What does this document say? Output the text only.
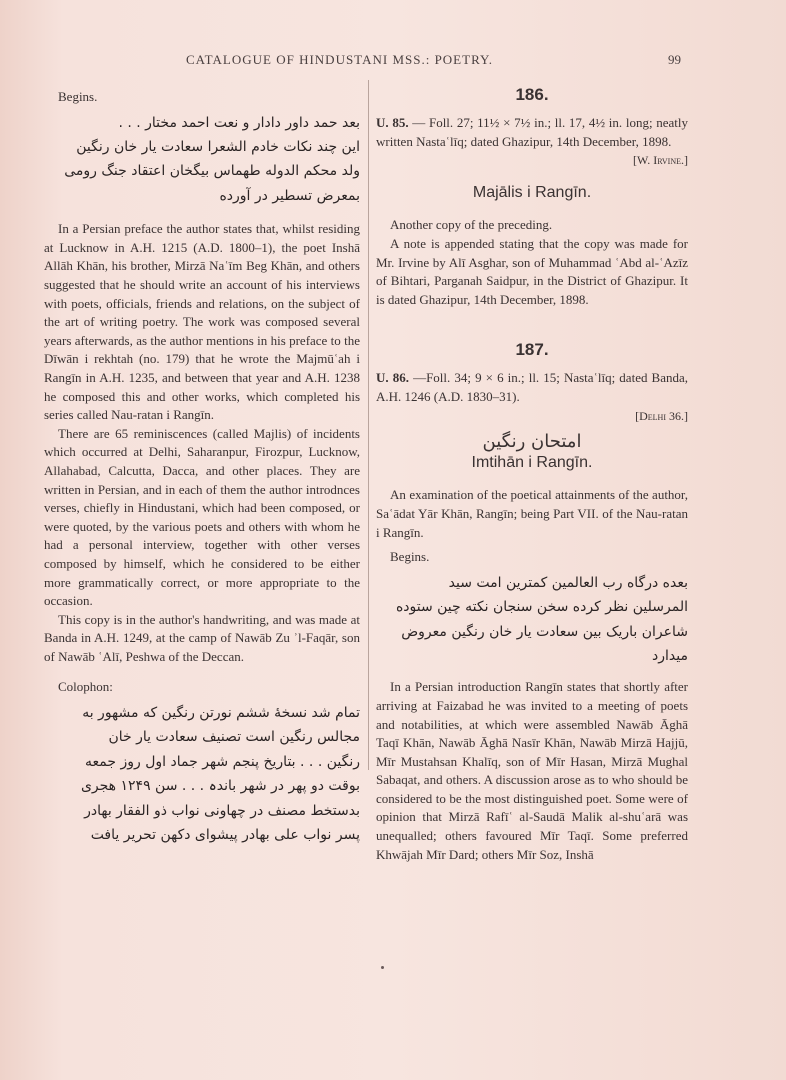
CATALOGUE OF HINDUSTANI MSS.: POETRY.	99

Begins.

بعد حمد داور دادار و نعت احمد مختار . . .

این چند نکات خادم الشعرا سعادت یار خان رنگین

ولد محکم الدوله طهماس بیگخان اعتقاد جنگ رومی

بمعرض تسطیر در آورده

In a Persian preface the author states that, whilst residing at Lucknow in A.H. 1215 (A.D. 1800–1), the poet Inshā Allāh Khān, his brother, Mirzā Naʿīm Beg Khān, and others suggested that he should write an account of his interviews with poets, officials, friends and relations, on the subject of the art of writing poetry. The work was composed several years afterwards, as the author mentions in his preface to the Dīwān i rekhtah (no. 179) that he wrote the Majmūʿah i Rangīn in A.H. 1235, and between that year and A.H. 1238 he composed this and other works, which completed his series called Nau-ratan i Rangīn.

There are 65 reminiscences (called Majlis) of incidents which occurred at Delhi, Saharanpur, Firozpur, Lucknow, Allahabad, Calcutta, Dacca, and other places. They are written in Persian, and in each of them the author introdnces verses, chiefly in Hindustani, which had been composed, or were quoted, by the various poets and others with whom he had a personal interview, together with other verses composed by himself, which he considered to be either more grammatically correct, or more appropriate to the occasion.

This copy is in the author's handwriting, and was made at Banda in A.H. 1249, at the camp of Nawāb Zu ʾl-Faqār, son of Nawāb ʿAlī, Peshwa of the Deccan.

Colophon:

تمام شد نسخهٔ ششم نورتن رنگین که مشهور به

مجالس رنگین است تصنیف سعادت یار خان

رنگین . . . بتاریخ پنجم شهر جماد اول روز جمعه

بوقت دو پهر در شهر باندہ . . . سن ۱۲۴۹ هجری

بدستخط مصنف در چهاونی نواب ذو الفقار بهادر

پسر نواب علی بهادر پیشوای دکهن تحریر یافت

186.

U. 85. — Foll. 27; 11½ × 7½ in.; ll. 17, 4½ in. long; neatly written Nastaʿlīq; dated Ghazipur, 14th December, 1898.

[W. Irvine.]

Majālis i Rangīn.

Another copy of the preceding.

A note is appended stating that the copy was made for Mr. Irvine by Alī Asghar, son of Muhammad ʿAbd al-ʿAzīz of Bihtari, Parganah Saidpur, in the District of Ghazipur. It is dated Ghazipur, 14th December, 1898.

187.

U. 86. —Foll. 34; 9 × 6 in.; ll. 15; Nastaʿlīq; dated Banda, A.H. 1246 (A.D. 1830–31).

[Delhi 36.]

امتحان رنگین

Imtihān i Rangīn.

An examination of the poetical attainments of the author, Saʿādat Yār Khān, Rangīn; being Part VII. of the Nau-ratan i Rangīn.

Begins.

بعده درگاه رب العالمین کمترین امت سید

المرسلین نظر کرده سخن سنجان نکته چین ستوده

شاعران باریک بین سعادت یار خان رنگین معروض

میدارد

In a Persian introduction Rangīn states that shortly after arriving at Faizabad he was invited to a meeting of poets and notabilities, at which were assembled Nawāb Āghā Taqī Khān, Nawāb Āghā Nasīr Khān, Nawāb Mirzā Hajjū, Mīr Mustahsan Khalīq, son of Mīr Hasan, Mirzā Mughal Sabaqat, and others. A discussion arose as to who should be considered to be the most distinguished poet. Some were of opinion that Mirzā Rafīʿ al-Saudā Malik al-shuʿarā was unequalled; others favoured Mīr Taqī. Some preferred Khwājah Mīr Dard; others Mīr Soz, Inshā
